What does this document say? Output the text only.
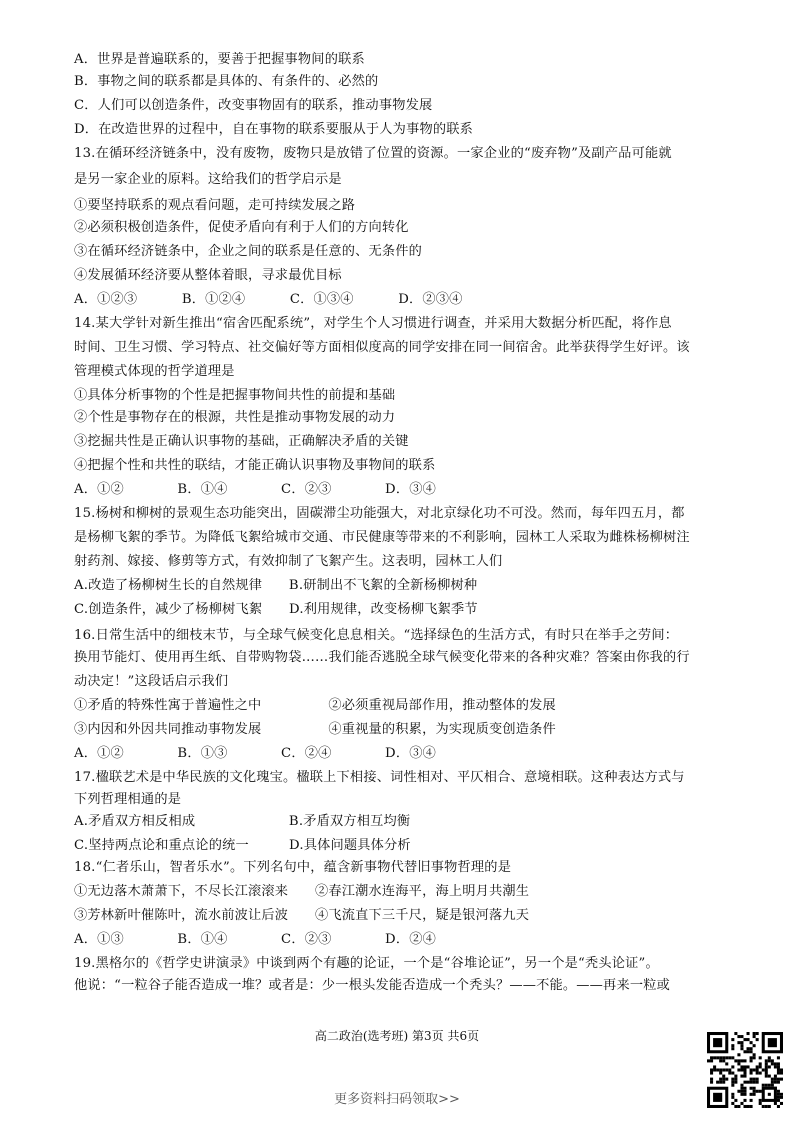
A．世界是普遍联系的，要善于把握事物间的联系
B．事物之间的联系都是具体的、有条件的、必然的
C．人们可以创造条件，改变事物固有的联系，推动事物发展
D．在改造世界的过程中，自在事物的联系要服从于人为事物的联系
13.在循环经济链条中，没有废物，废物只是放错了位置的资源。一家企业的“废弃物”及副产品可能就
是另一家企业的原料。这给我们的哲学启示是
①要坚持联系的观点看问题，走可持续发展之路
②必须积极创造条件，促使矛盾向有利于人们的方向转化
③在循环经济链条中，企业之间的联系是任意的、无条件的
④发展循环经济要从整体着眼，寻求最优目标
A．①②③　　　 B．①②④　　　 C．①③④　　　 D．②③④
14.某大学针对新生推出“宿舍匹配系统”，对学生个人习惯进行调查，并采用大数据分析匹配，将作息
时间、卫生习惯、学习特点、社交偏好等方面相似度高的同学安排在同一间宿舍。此举获得学生好评。该
管理模式体现的哲学道理是
①具体分析事物的个性是把握事物间共性的前提和基础
②个性是事物存在的根源，共性是推动事物发展的动力
③挖掘共性是正确认识事物的基础，正确解决矛盾的关键
④把握个性和共性的联结，才能正确认识事物及事物间的联系
A．①②　　　　B．①④　　　　C．②③　　　　D．③④
15.杨树和柳树的景观生态功能突出，固碳滞尘功能强大，对北京绿化功不可没。然而，每年四五月，都
是杨柳飞絮的季节。为降低飞絮给城市交通、市民健康等带来的不利影响，园林工人采取为雌株杨柳树注
射药剂、嫁接、修剪等方式，有效抑制了飞絮产生。这表明，园林工人们
A.改造了杨柳树生长的自然规律　　B.研制出不飞絮的全新杨柳树种
C.创造条件，减少了杨柳树飞絮　　D.利用规律，改变杨柳飞絮季节
16.日常生活中的细枝末节，与全球气候变化息息相关。“选择绿色的生活方式，有时只在举手之劳间：
换用节能灯、使用再生纸、自带购物袋……我们能否逃脱全球气候变化带来的各种灾难？答案由你我的行
动决定！”这段话启示我们
①矛盾的特殊性寓于普遍性之中　　　　　②必须重视局部作用，推动整体的发展
③内因和外因共同推动事物发展　　　　　④重视量的积累，为实现质变创造条件
A．①②　　　　B．①③　　　　C．②④　　　　D．③④
17.楹联艺术是中华民族的文化瑰宝。楹联上下相接、词性相对、平仄相合、意境相联。这种表达方式与
下列哲理相通的是
A.矛盾双方相反相成　　　　　　　B.矛盾双方相互均衡
C.坚持两点论和重点论的统一　　　D.具体问题具体分析
18.“仁者乐山，智者乐水”。下列名句中，蕴含新事物代替旧事物哲理的是
①无边落木萧萧下，不尽长江滚滚来　　②春江潮水连海平，海上明月共潮生
③芳林新叶催陈叶，流水前波让后波　　④飞流直下三千尺，疑是银河落九天
A．①③　　　　B．①④　　　　C．②③　　　　D．②④
19.黑格尔的《哲学史讲演录》中谈到两个有趣的论证，一个是“谷堆论证”，另一个是“秃头论证”。
他说：“一粒谷子能否造成一堆？或者是：少一根头发能否造成一个秃头？——不能。——再来一粒或
高二政治(选考班) 第3页 共6页
更多资料扫码领取>>
